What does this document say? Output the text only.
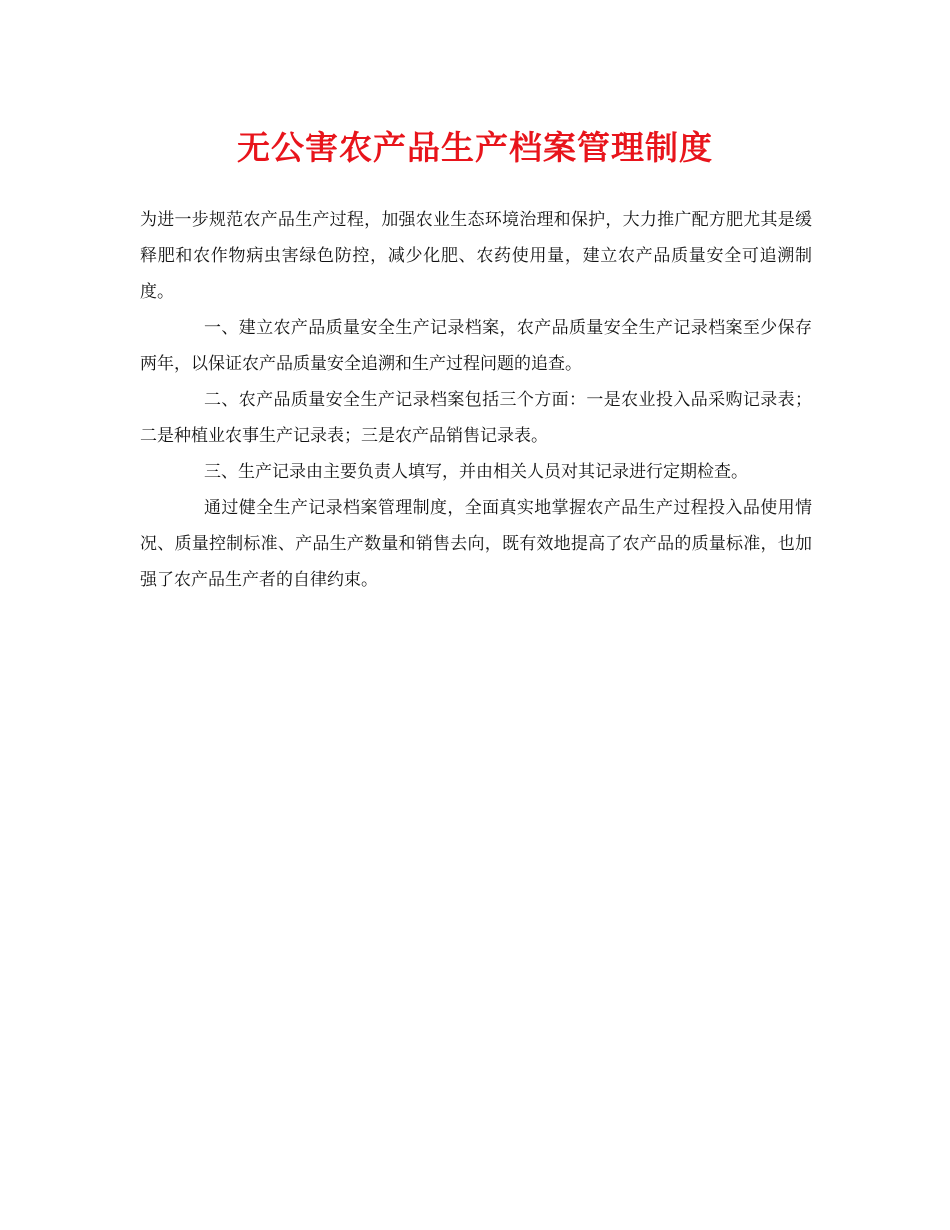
无公害农产品生产档案管理制度

为进一步规范农产品生产过程，加强农业生态环境治理和保护，大力推广配方肥尤其是缓释肥和农作物病虫害绿色防控，减少化肥、农药使用量，建立农产品质量安全可追溯制度。

一、建立农产品质量安全生产记录档案，农产品质量安全生产记录档案至少保存两年，以保证农产品质量安全追溯和生产过程问题的追查。

二、农产品质量安全生产记录档案包括三个方面：一是农业投入品采购记录表；二是种植业农事生产记录表；三是农产品销售记录表。

三、生产记录由主要负责人填写，并由相关人员对其记录进行定期检查。

通过健全生产记录档案管理制度，全面真实地掌握农产品生产过程投入品使用情况、质量控制标准、产品生产数量和销售去向，既有效地提高了农产品的质量标准，也加强了农产品生产者的自律约束。
